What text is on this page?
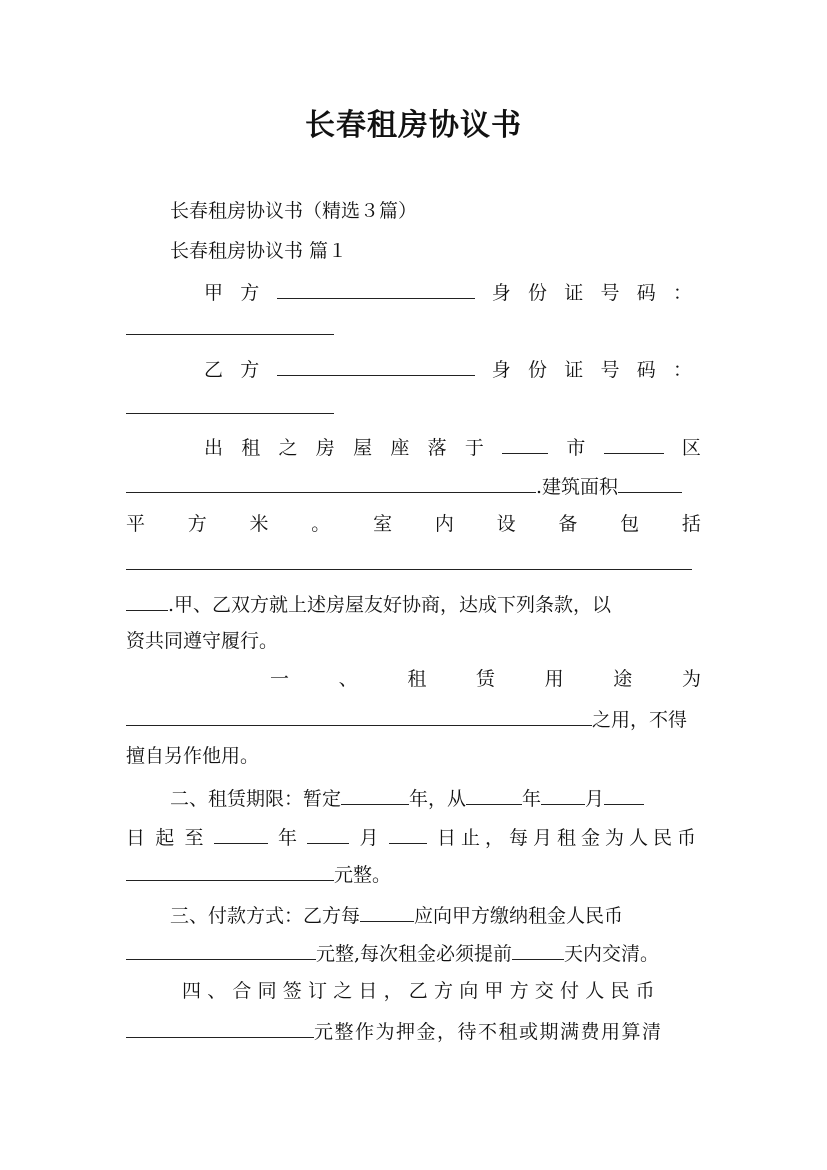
长春租房协议书
长春租房协议书（精选３篇）
长春租房协议书 篇１
甲 方	身 份 证 号 码 ：
乙 方	身 份 证 号 码 ：
出 租 之 房 屋 座 落 于	市	区
.建筑面积
平 方 米 。 室 内 设 备 包 括
.甲、乙双方就上述房屋友好协商，达成下列条款，以
资共同遵守履行。
一	、	租	赁	用	途	为
之用，不得
擅自另作他用。
二、租赁期限：暂定	年，从	年 月
日 起 至	年	月	日止，每月租金为人民币
元整。
三、付款方式：乙方每	应向甲方缴纳租金人民币
元整,每次租金必须提前	天内交清。
四、合同签订之日，乙方向甲方交付人民币
元整作为押金，待不租或期满费用算清
